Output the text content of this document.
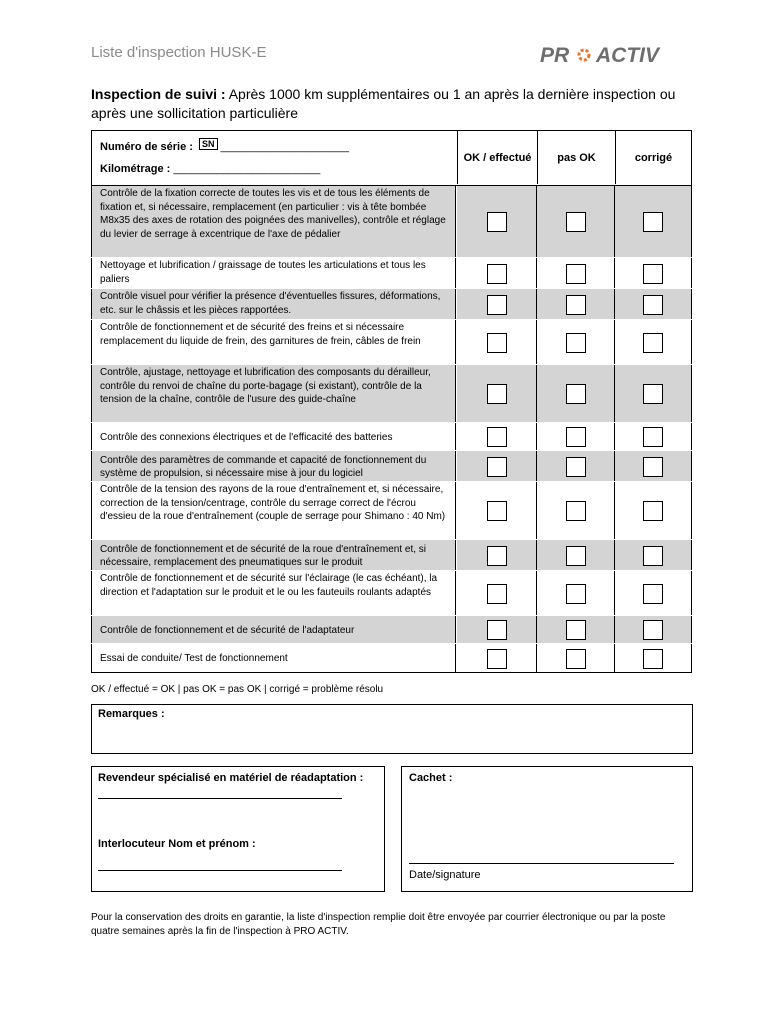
Liste d'inspection HUSK-E	PR ACTIV
Inspection de suivi : Après 1000 km supplémentaires ou 1 an après la dernière inspection ou après une sollicitation particulière
Numéro de série : SN _____________________
Kilométrage : ________________________
OK / effectué	pas OK	corrigé
Contrôle de la fixation correcte de toutes les vis et de tous les éléments de fixation et, si nécessaire, remplacement (en particulier : vis à tête bombée M8x35 des axes de rotation des poignées des manivelles), contrôle et réglage du levier de serrage à excentrique de l'axe de pédalier
Nettoyage et lubrification / graissage de toutes les articulations et tous les paliers
Contrôle visuel pour vérifier la présence d'éventuelles fissures, déformations, etc. sur le châssis et les pièces rapportées.
Contrôle de fonctionnement et de sécurité des freins et si nécessaire remplacement du liquide de frein, des garnitures de frein, câbles de frein
Contrôle, ajustage, nettoyage et lubrification des composants du dérailleur, contrôle du renvoi de chaîne du porte-bagage (si existant), contrôle de la tension de la chaîne, contrôle de l'usure des guide-chaîne
Contrôle des connexions électriques et de l'efficacité des batteries
Contrôle des paramètres de commande et capacité de fonctionnement du système de propulsion, si nécessaire mise à jour du logiciel
Contrôle de la tension des rayons de la roue d'entraînement et, si nécessaire, correction de la tension/centrage, contrôle du serrage correct de l'écrou d'essieu de la roue d'entraînement (couple de serrage pour Shimano : 40 Nm)
Contrôle de fonctionnement et de sécurité de la roue d'entraînement et, si nécessaire, remplacement des pneumatiques sur le produit
Contrôle de fonctionnement et de sécurité sur l'éclairage (le cas échéant), la direction et l'adaptation sur le produit et le ou les fauteuils roulants adaptés
Contrôle de fonctionnement et de sécurité de l'adaptateur
Essai de conduite/ Test de fonctionnement
OK / effectué = OK | pas OK = pas OK | corrigé = problème résolu
Remarques :
Revendeur spécialisé en matériel de réadaptation :
Interlocuteur Nom et prénom :
Cachet :
Date/signature
Pour la conservation des droits en garantie, la liste d'inspection remplie doit être envoyée par courrier électronique ou par la poste quatre semaines après la fin de l'inspection à PRO ACTIV.
